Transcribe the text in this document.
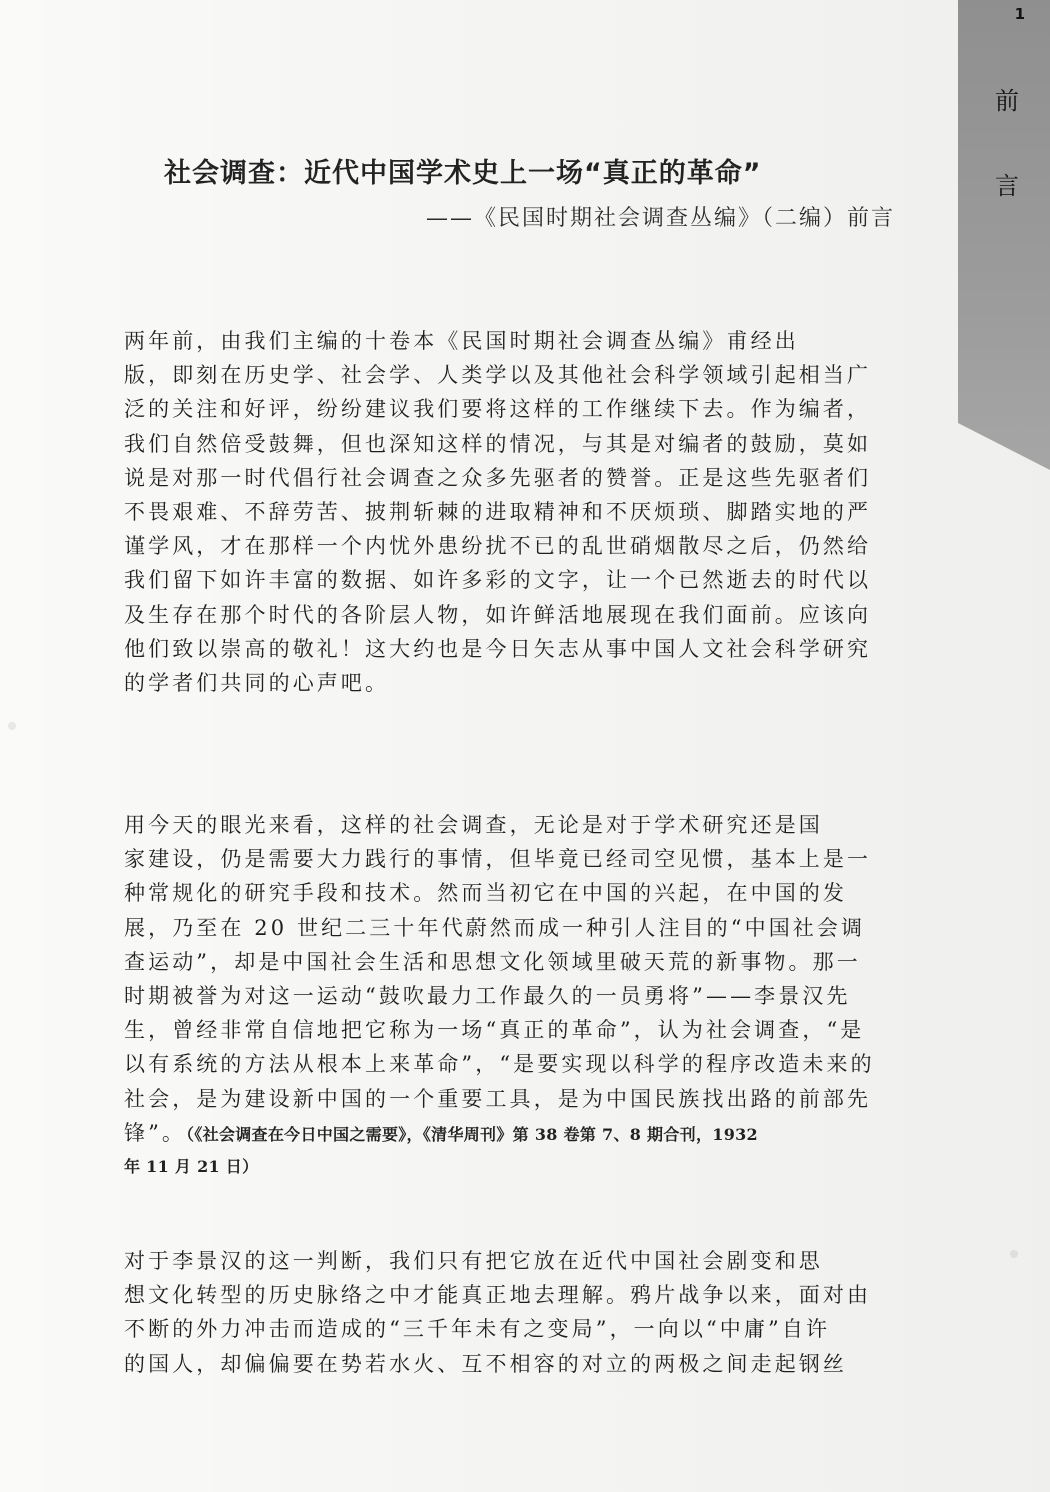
1
前
言
社会调查：近代中国学术史上一场“真正的革命”
——《民国时期社会调查丛编》（二编）前言
两年前，由我们主编的十卷本《民国时期社会调查丛编》甫经出
版，即刻在历史学、社会学、人类学以及其他社会科学领域引起相当广
泛的关注和好评，纷纷建议我们要将这样的工作继续下去。作为编者，
我们自然倍受鼓舞，但也深知这样的情况，与其是对编者的鼓励，莫如
说是对那一时代倡行社会调查之众多先驱者的赞誉。正是这些先驱者们
不畏艰难、不辞劳苦、披荆斩棘的进取精神和不厌烦琐、脚踏实地的严
谨学风，才在那样一个内忧外患纷扰不已的乱世硝烟散尽之后，仍然给
我们留下如许丰富的数据、如许多彩的文字，让一个已然逝去的时代以
及生存在那个时代的各阶层人物，如许鲜活地展现在我们面前。应该向
他们致以崇高的敬礼！这大约也是今日矢志从事中国人文社会科学研究
的学者们共同的心声吧。
用今天的眼光来看，这样的社会调查，无论是对于学术研究还是国
家建设，仍是需要大力践行的事情，但毕竟已经司空见惯，基本上是一
种常规化的研究手段和技术。然而当初它在中国的兴起，在中国的发
展，乃至在 20 世纪二三十年代蔚然而成一种引人注目的“中国社会调
查运动”，却是中国社会生活和思想文化领域里破天荒的新事物。那一
时期被誉为对这一运动“鼓吹最力工作最久的一员勇将”——李景汉先
生，曾经非常自信地把它称为一场“真正的革命”，认为社会调查，“是
以有系统的方法从根本上来革命”，“是要实现以科学的程序改造未来的
社会，是为建设新中国的一个重要工具，是为中国民族找出路的前部先
锋”。（《社会调查在今日中国之需要》，《清华周刊》第 38 卷第 7、8 期合刊，1932
年 11 月 21 日）
对于李景汉的这一判断，我们只有把它放在近代中国社会剧变和思
想文化转型的历史脉络之中才能真正地去理解。鸦片战争以来，面对由
不断的外力冲击而造成的“三千年未有之变局”，一向以“中庸”自许
的国人，却偏偏要在势若水火、互不相容的对立的两极之间走起钢丝
